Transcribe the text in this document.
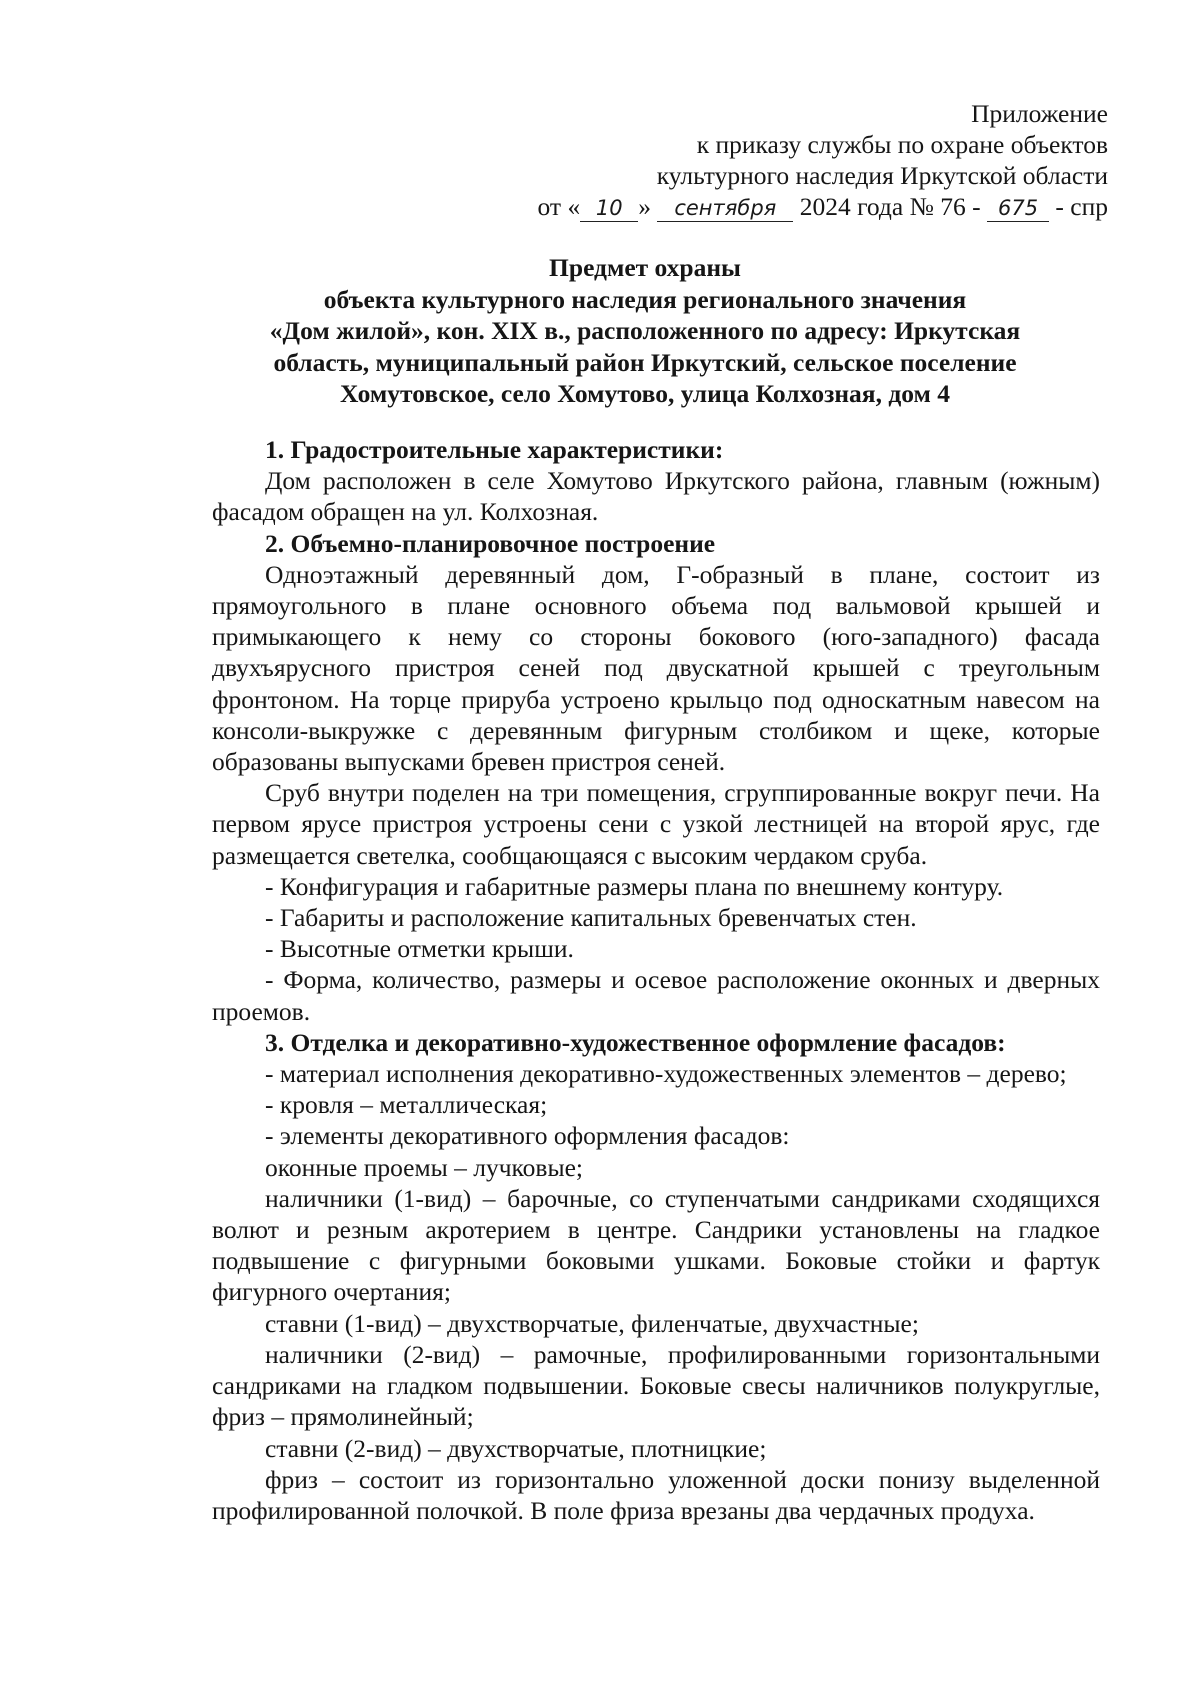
Приложение
к приказу службы по охране объектов
культурного наследия Иркутской области
от « 10 » сентября 2024 года № 76 - 675 - спр
Предмет охраны
объекта культурного наследия регионального значения
«Дом жилой», кон. XIX в., расположенного по адресу: Иркутская
область, муниципальный район Иркутский, сельское поселение
Хомутовское, село Хомутово, улица Колхозная, дом 4

1. Градостроительные характеристики:

Дом расположен в селе Хомутово Иркутского района, главным (южным) фасадом обращен на ул. Колхозная.

2. Объемно-планировочное построение

Одноэтажный деревянный дом, Г-образный в плане, состоит из прямоугольного в плане основного объема под вальмовой крышей и примыкающего к нему со стороны бокового (юго-западного) фасада двухъярусного пристроя сеней под двускатной крышей с треугольным фронтоном. На торце прируба устроено крыльцо под односкатным навесом на консоли-выкружке с деревянным фигурным столбиком и щеке, которые образованы выпусками бревен пристроя сеней.

Сруб внутри поделен на три помещения, сгруппированные вокруг печи. На первом ярусе пристроя устроены сени с узкой лестницей на второй ярус, где размещается светелка, сообщающаяся с высоким чердаком сруба.

- Конфигурация и габаритные размеры плана по внешнему контуру.

- Габариты и расположение капитальных бревенчатых стен.

- Высотные отметки крыши.

- Форма, количество, размеры и осевое расположение оконных и дверных проемов.

3. Отделка и декоративно-художественное оформление фасадов:

- материал исполнения декоративно-художественных элементов – дерево;

- кровля – металлическая;

- элементы декоративного оформления фасадов:

оконные проемы – лучковые;

наличники (1-вид) – барочные, со ступенчатыми сандриками сходящихся волют и резным акротерием в центре. Сандрики установлены на гладкое подвышение с фигурными боковыми ушками. Боковые стойки и фартук фигурного очертания;

ставни (1-вид) – двухстворчатые, филенчатые, двухчастные;

наличники (2-вид) – рамочные, профилированными горизонтальными сандриками на гладком подвышении. Боковые свесы наличников полукруглые, фриз – прямолинейный;

ставни (2-вид) – двухстворчатые, плотницкие;

фриз – состоит из горизонтально уложенной доски понизу выделенной профилированной полочкой. В поле фриза врезаны два чердачных продуха.
